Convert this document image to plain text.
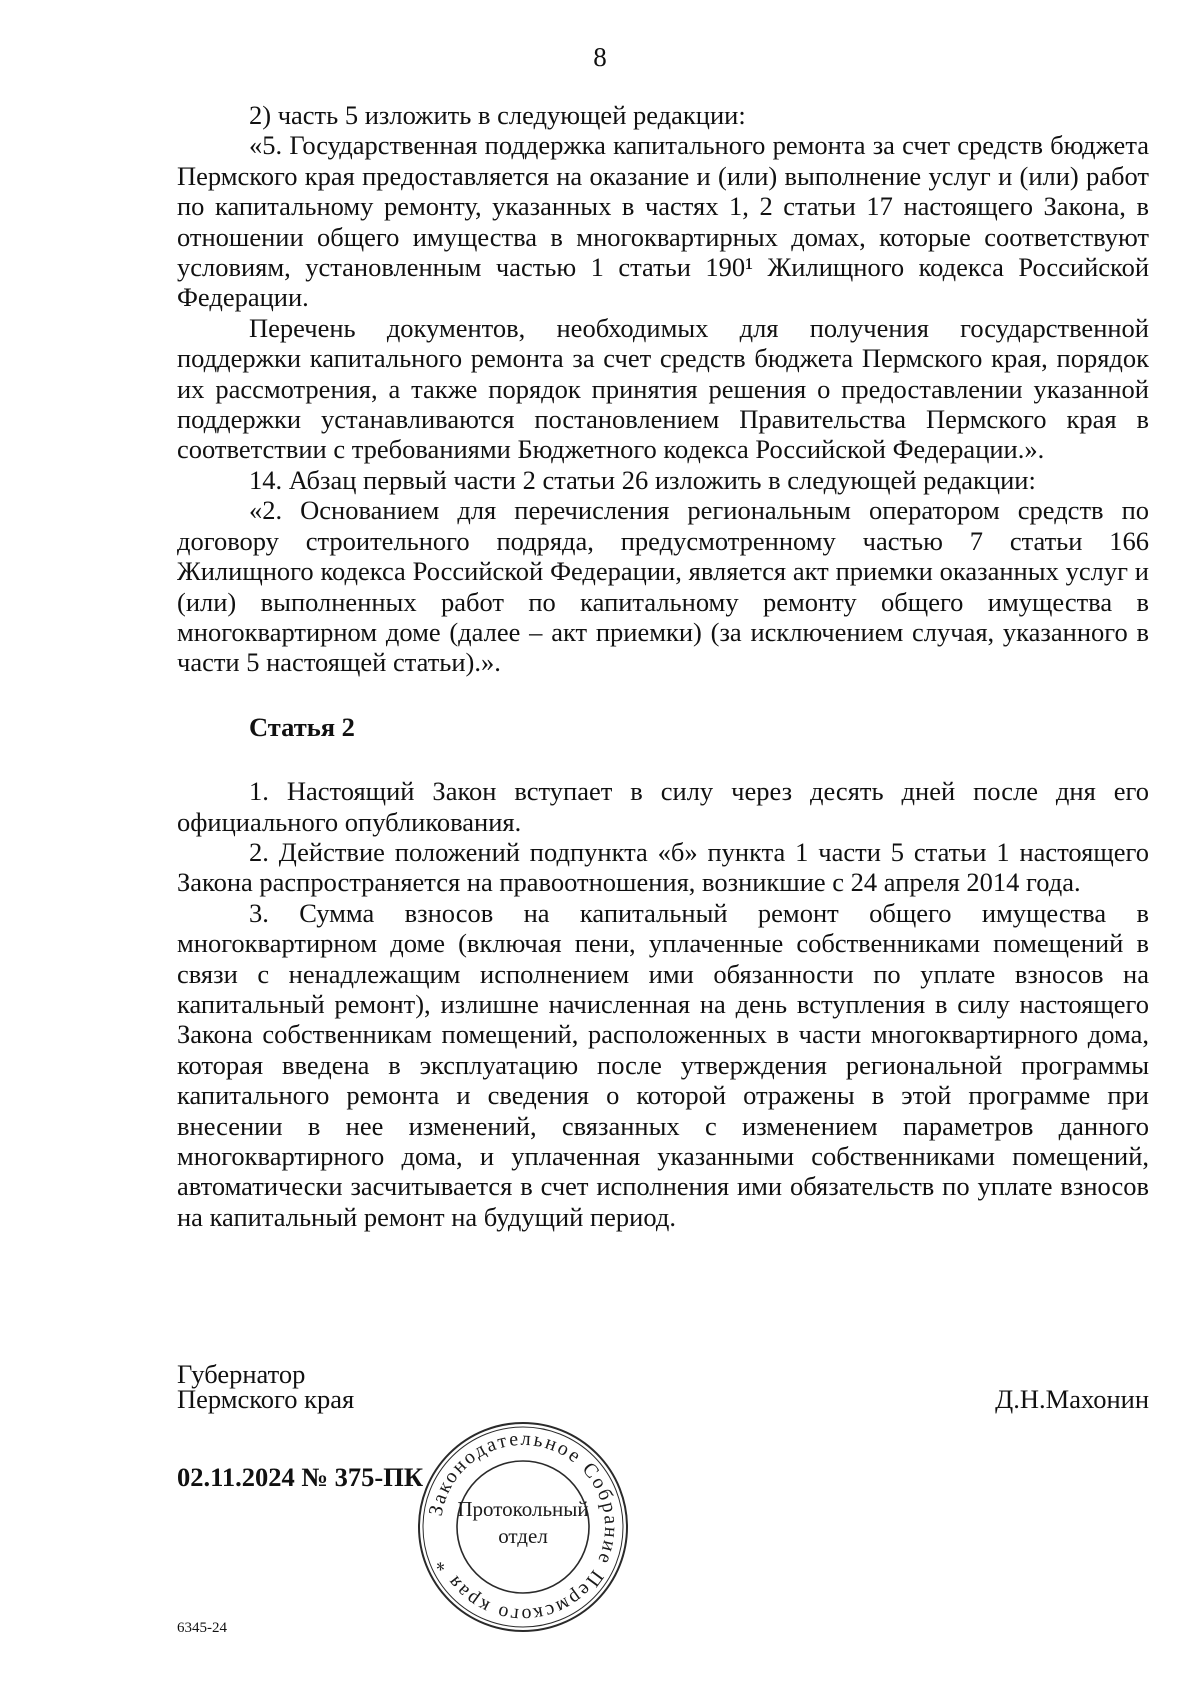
8

2) часть 5 изложить в следующей редакции:

«5. Государственная поддержка капитального ремонта за счет средств бюджета Пермского края предоставляется на оказание и (или) выполнение услуг и (или) работ по капитальному ремонту, указанных в частях 1, 2 статьи 17 настоящего Закона, в отношении общего имущества в многоквартирных домах, которые соответствуют условиям, установленным частью 1 статьи 190¹ Жилищного кодекса Российской Федерации.

Перечень документов, необходимых для получения государственной поддержки капитального ремонта за счет средств бюджета Пермского края, порядок их рассмотрения, а также порядок принятия решения о предоставлении указанной поддержки устанавливаются постановлением Правительства Пермского края в соответствии с требованиями Бюджетного кодекса Российской Федерации.».

14. Абзац первый части 2 статьи 26 изложить в следующей редакции:

«2. Основанием для перечисления региональным оператором средств по договору строительного подряда, предусмотренному частью 7 статьи 166 Жилищного кодекса Российской Федерации, является акт приемки оказанных услуг и (или) выполненных работ по капитальному ремонту общего имущества в многоквартирном доме (далее – акт приемки) (за исключением случая, указанного в части 5 настоящей статьи).».

Статья 2

1. Настоящий Закон вступает в силу через десять дней после дня его официального опубликования.

2. Действие положений подпункта «б» пункта 1 части 5 статьи 1 настоящего Закона распространяется на правоотношения, возникшие с 24 апреля 2014 года.

3. Сумма взносов на капитальный ремонт общего имущества в многоквартирном доме (включая пени, уплаченные собственниками помещений в связи с ненадлежащим исполнением ими обязанности по уплате взносов на капитальный ремонт), излишне начисленная на день вступления в силу настоящего Закона собственникам помещений, расположенных в части многоквартирного дома, которая введена в эксплуатацию после утверждения региональной программы капитального ремонта и сведения о которой отражены в этой программе при внесении в нее изменений, связанных с изменением параметров данного многоквартирного дома, и уплаченная указанными собственниками помещений, автоматически засчитывается в счет исполнения ими обязательств по уплате взносов на капитальный ремонт на будущий период.

Губернатор
Пермского края	Д.Н.Махонин
02.11.2024 № 375-ПК
Законодательное Собрание Пермского края *
Протокольный
отдел
6345-24
